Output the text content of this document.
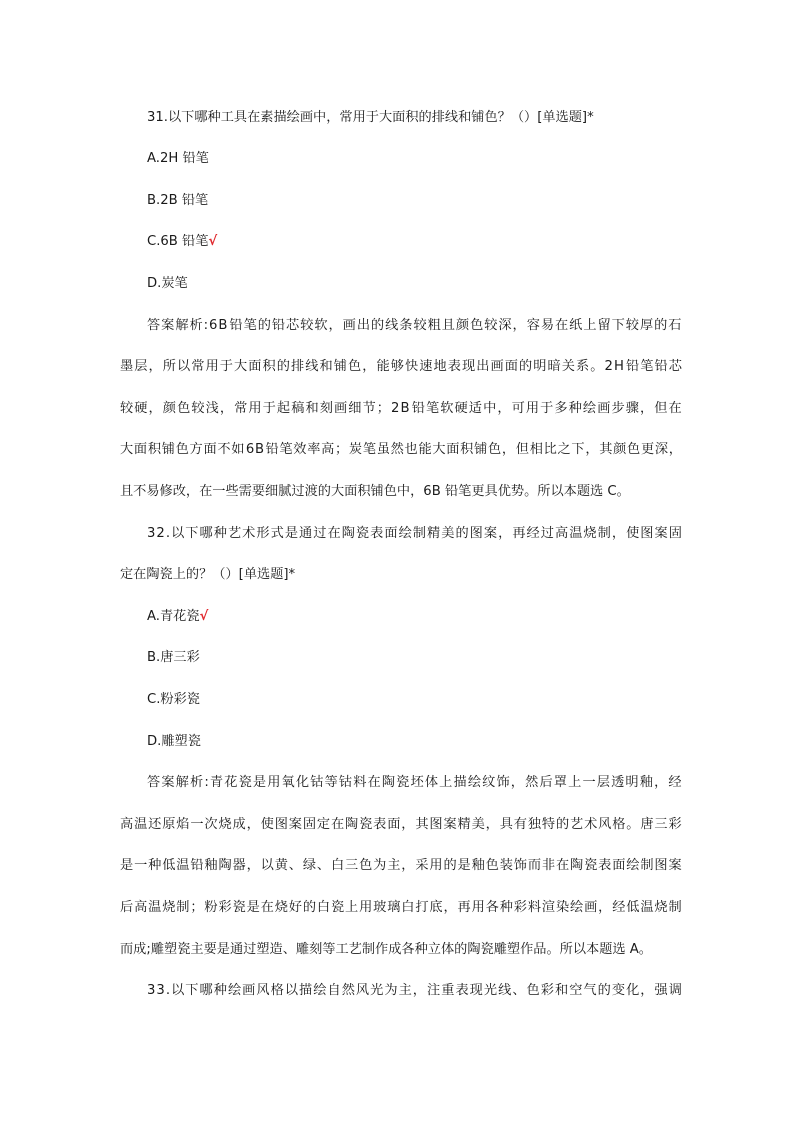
31.以下哪种工具在素描绘画中，常用于大面积的排线和铺色？（）[单选题]*
A.2H 铅笔
B.2B 铅笔
C.6B 铅笔√
D.炭笔
答 案 解 析 : 6 B 铅 笔 的 铅 芯 较 软 ， 画 出 的 线 条 较 粗 且 颜 色 较 深 ， 容 易 在 纸 上 留 下 较 厚 的 石
墨 层 ， 所 以 常 用 于 大 面 积 的 排 线 和 铺 色 ， 能 够 快 速 地 表 现 出 画 面 的 明 暗 关 系 。 2 H 铅 笔 铅 芯
较 硬 ， 颜 色 较 浅 ， 常 用 于 起 稿 和 刻 画 细 节 ； 2 B 铅 笔 软 硬 适 中 ， 可 用 于 多 种 绘 画 步 骤 ， 但 在
大 面 积 铺 色 方 面 不 如 6 B 铅 笔 效 率 高 ； 炭 笔 虽 然 也 能 大 面 积 铺 色 ， 但 相 比 之 下 ， 其 颜 色 更 深 ，
且不易修改，在一些需要细腻过渡的大面积铺色中，6B 铅笔更具优势。所以本题选 C。
3 2 . 以 下 哪 种 艺 术 形 式 是 通 过 在 陶 瓷 表 面 绘 制 精 美 的 图 案 ， 再 经 过 高 温 烧 制 ， 使 图 案 固
定在陶瓷上的？（）[单选题]*
A.青花瓷√
B.唐三彩
C.粉彩瓷
D.雕塑瓷
答 案 解 析 : 青 花 瓷 是 用 氧 化 钴 等 钴 料 在 陶 瓷 坯 体 上 描 绘 纹 饰 ， 然 后 罩 上 一 层 透 明 釉 ， 经
高 温 还 原 焰 一 次 烧 成 ， 使 图 案 固 定 在 陶 瓷 表 面 ， 其 图 案 精 美 ， 具 有 独 特 的 艺 术 风 格 。 唐 三 彩
是 一 种 低 温 铅 釉 陶 器 ， 以 黄 、 绿 、 白 三 色 为 主 ， 采 用 的 是 釉 色 装 饰 而 非 在 陶 瓷 表 面 绘 制 图 案
后 高 温 烧 制 ； 粉 彩 瓷 是 在 烧 好 的 白 瓷 上 用 玻 璃 白 打 底 ， 再 用 各 种 彩 料 渲 染 绘 画 ， 经 低 温 烧 制
而成;雕塑瓷主要是通过塑造、雕刻等工艺制作成各种立体的陶瓷雕塑作品。所以本题选 A。
3 3 . 以 下 哪 种 绘 画 风 格 以 描 绘 自 然 风 光 为 主 ， 注 重 表 现 光 线 、 色 彩 和 空 气 的 变 化 ， 强 调
